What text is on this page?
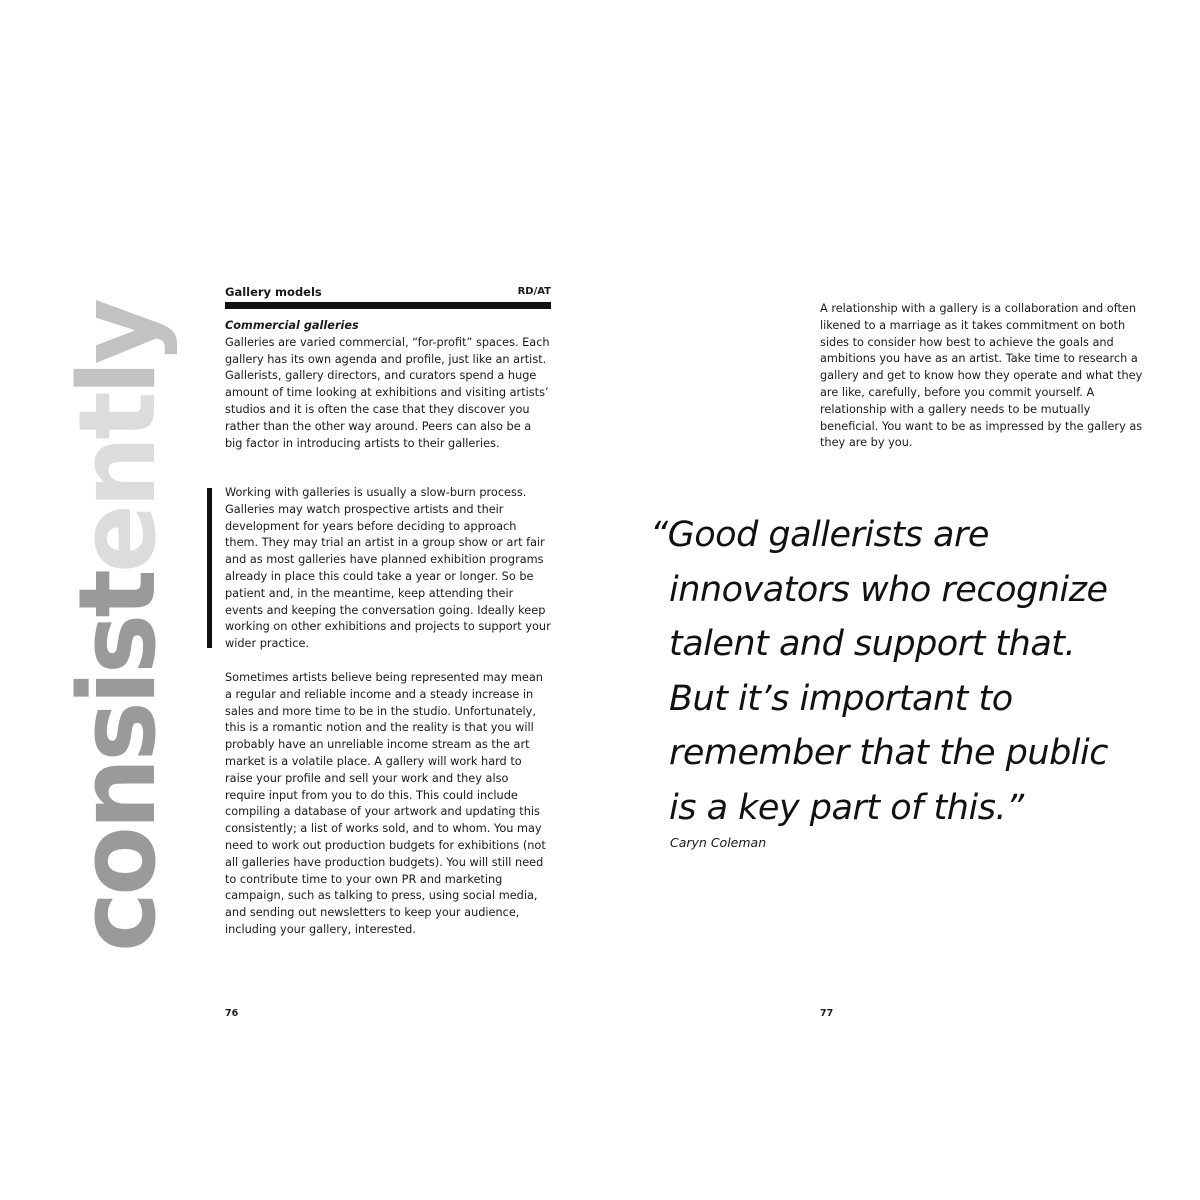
consistently
Gallery models	RD/AT

Commercial galleries

Galleries are varied commercial, “for-profit” spaces. Each gallery has its own agenda and profile, just like an artist. Gallerists, gallery directors, and curators spend a huge amount of time looking at exhibitions and visiting artists’ studios and it is often the case that they discover you rather than the other way around. Peers can also be a big factor in introducing artists to their galleries.

Working with galleries is usually a slow-burn process. Galleries may watch prospective artists and their development for years before deciding to approach them. They may trial an artist in a group show or art fair and as most galleries have planned exhibition programs already in place this could take a year or longer. So be patient and, in the meantime, keep attending their events and keeping the conversation going. Ideally keep working on other exhibitions and projects to support your wider practice.

Sometimes artists believe being represented may mean a regular and reliable income and a steady increase in sales and more time to be in the studio. Unfortunately, this is a romantic notion and the reality is that you will probably have an unreliable income stream as the art market is a volatile place. A gallery will work hard to raise your profile and sell your work and they also require input from you to do this. This could include compiling a database of your artwork and updating this consistently; a list of works sold, and to whom. You may need to work out production budgets for exhibitions (not all galleries have production budgets). You will still need to contribute time to your own PR and marketing campaign, such as talking to press, using social media, and sending out newsletters to keep your audience, including your gallery, interested.

76

A relationship with a gallery is a collaboration and often likened to a marriage as it takes commitment on both sides to consider how best to achieve the goals and ambitions you have as an artist. Take time to research a gallery and get to know how they operate and what they are like, carefully, before you commit yourself. A relationship with a gallery needs to be mutually beneficial. You want to be as impressed by the gallery as they are by you.

“Good gallerists are
innovators who recognize
talent and support that.
But it’s important to
remember that the public
is a key part of this.”
Caryn Coleman
77
